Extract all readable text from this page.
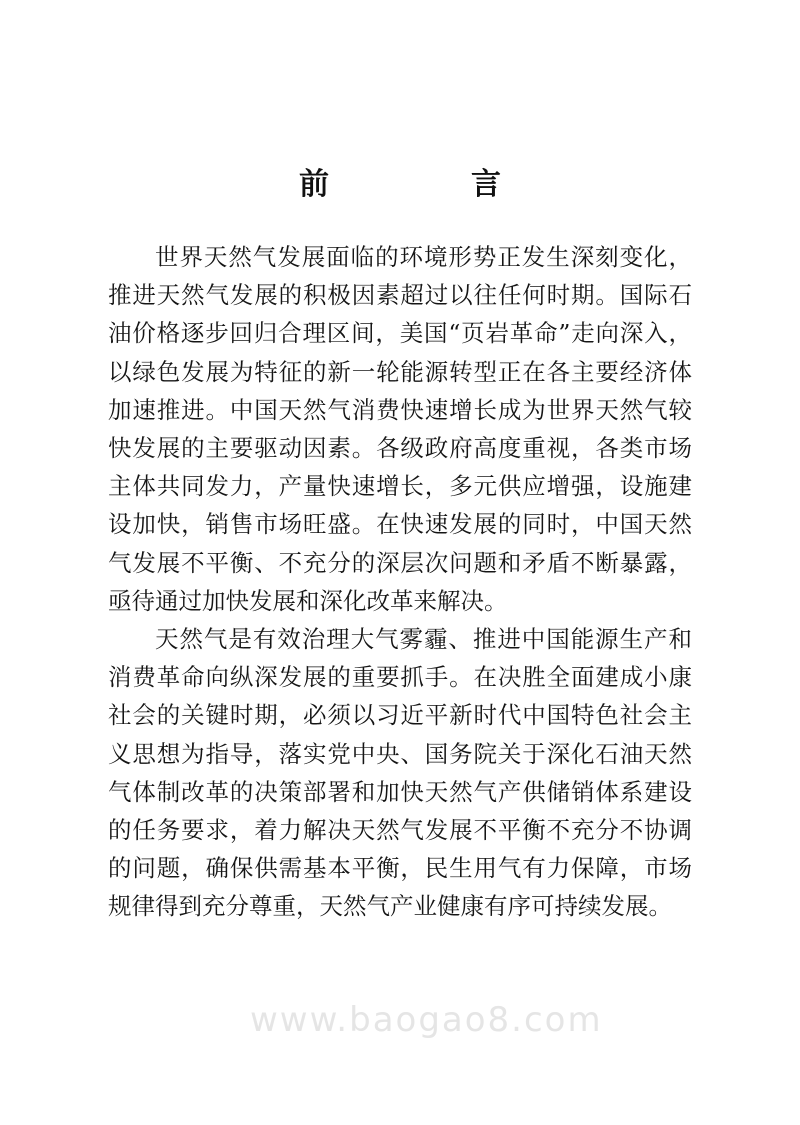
前　言

世界天然气发展面临的环境形势正发生深刻变化，推进天然气发展的积极因素超过以往任何时期。国际石油价格逐步回归合理区间，美国“页岩革命”走向深入，以绿色发展为特征的新一轮能源转型正在各主要经济体加速推进。中国天然气消费快速增长成为世界天然气较快发展的主要驱动因素。各级政府高度重视，各类市场主体共同发力，产量快速增长，多元供应增强，设施建设加快，销售市场旺盛。在快速发展的同时，中国天然气发展不平衡、不充分的深层次问题和矛盾不断暴露，亟待通过加快发展和深化改革来解决。

天然气是有效治理大气雾霾、推进中国能源生产和消费革命向纵深发展的重要抓手。在决胜全面建成小康社会的关键时期，必须以习近平新时代中国特色社会主义思想为指导，落实党中央、国务院关于深化石油天然气体制改革的决策部署和加快天然气产供储销体系建设的任务要求，着力解决天然气发展不平衡不充分不协调的问题，确保供需基本平衡，民生用气有力保障，市场规律得到充分尊重，天然气产业健康有序可持续发展。

www.baogao8.com
